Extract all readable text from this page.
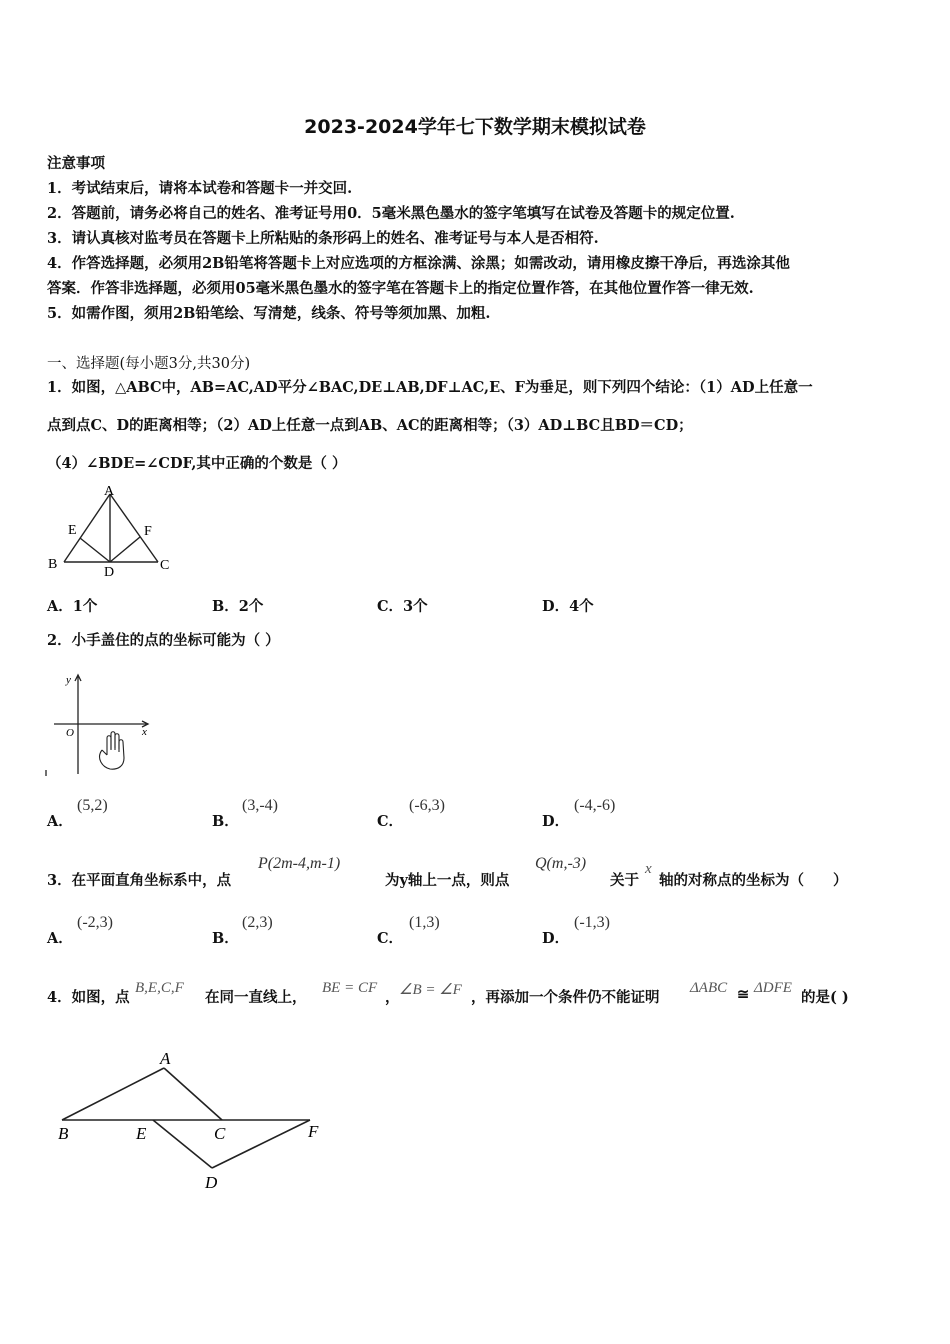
2023-2024学年七下数学期末模拟试卷
注意事项
1．考试结束后，请将本试卷和答题卡一并交回.
2．答题前，请务必将自己的姓名、准考证号用0．5毫米黑色墨水的签字笔填写在试卷及答题卡的规定位置.
3．请认真核对监考员在答题卡上所粘贴的条形码上的姓名、准考证号与本人是否相符.
4．作答选择题，必须用2B铅笔将答题卡上对应选项的方框涂满、涂黑；如需改动，请用橡皮擦干净后，再选涂其他
答案．作答非选择题，必须用05毫米黑色墨水的签字笔在答题卡上的指定位置作答，在其他位置作答一律无效.
5．如需作图，须用2B铅笔绘、写清楚，线条、符号等须加黑、加粗.
一、选择题(每小题3分,共30分)
1．如图，△ABC中，AB=AC,AD平分∠BAC,DE⊥AB,DF⊥AC,E、F为垂足，则下列四个结论：（1）AD上任意一
点到点C、D的距离相等；（2）AD上任意一点到AB、AC的距离相等；（3）AD⊥BC且BD＝CD；
（4）∠BDE=∠CDF,其中正确的个数是（ ）
A
B	C
D
E	F
A．1个	B．2个	C．3个	D．4个
2．小手盖住的点的坐标可能为（ ）
y
x
O
A．
(5,2)
B．
(3,-4)
C．
(-6,3)
D．
(-4,-6)
3．在平面直角坐标系中，点
P(2m-4,m-1)
为y轴上一点，则点
Q(m,-3)
关于
x
轴的对称点的坐标为（　　）
A．
(-2,3)
B．
(2,3)
C．
(1,3)
D．
(-1,3)
4．如图，点
B,E,C,F
在同一直线上，
BE = CF
， ∠B = ∠F ，再添加一个条件仍不能证明
ΔABC ≅ ΔDFE
的是( )
A
B	E	C	F
D
